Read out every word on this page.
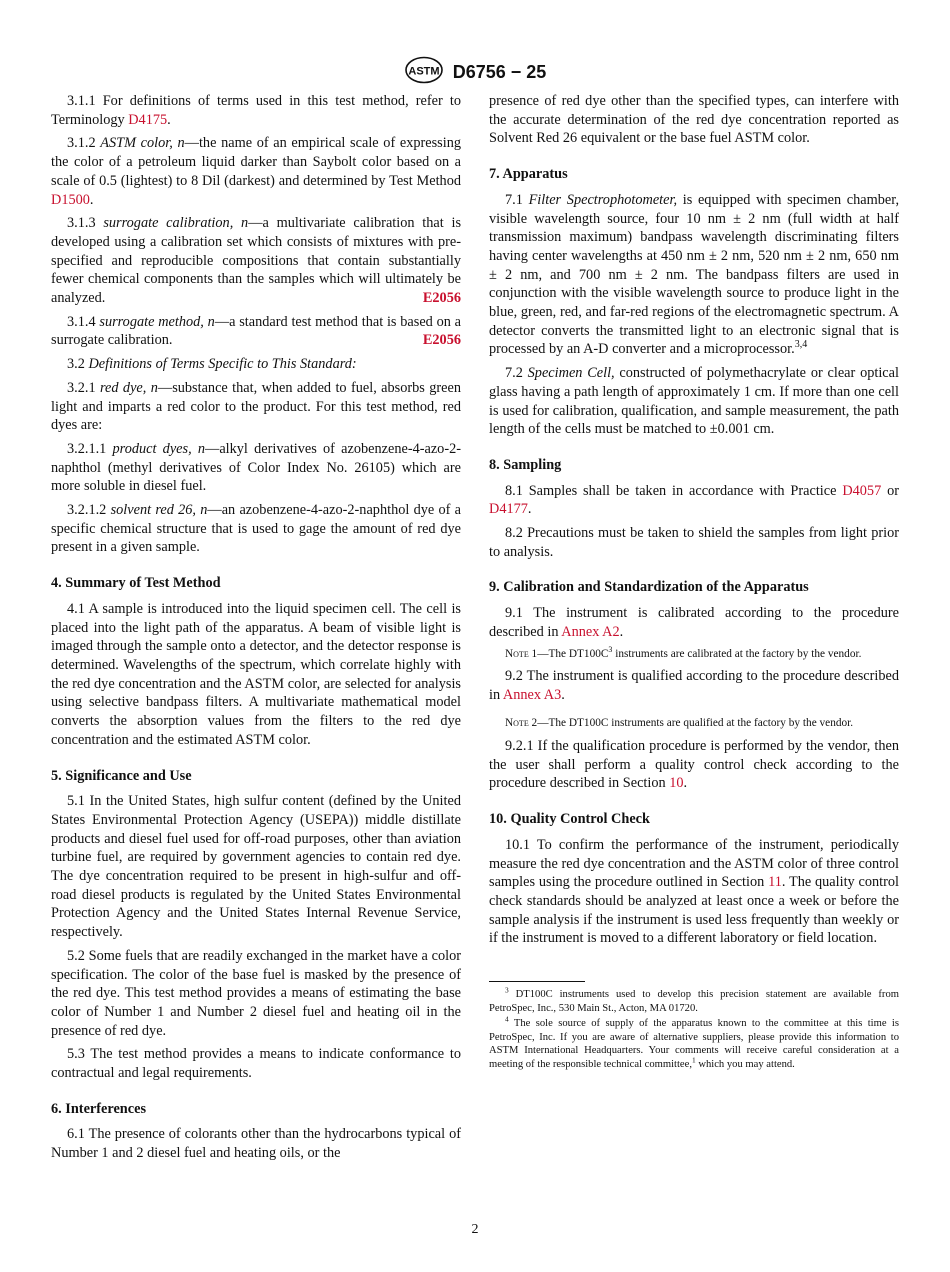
ASTM D6756 − 25

3.1.1 For definitions of terms used in this test method, refer to Terminology D4175.

3.1.2 ASTM color, n—the name of an empirical scale of expressing the color of a petroleum liquid darker than Saybolt color based on a scale of 0.5 (lightest) to 8 Dil (darkest) and determined by Test Method D1500.

3.1.3 surrogate calibration, n—a multivariate calibration that is developed using a calibration set which consists of mixtures with pre-specified and reproducible compositions that contain substantially fewer chemical components than the samples which will ultimately be analyzed.	E2056

3.1.4 surrogate method, n—a standard test method that is based on a surrogate calibration.	E2056

3.2 Definitions of Terms Specific to This Standard:

3.2.1 red dye, n—substance that, when added to fuel, absorbs green light and imparts a red color to the product. For this test method, red dyes are:

3.2.1.1 product dyes, n—alkyl derivatives of azobenzene-4-azo-2-naphthol (methyl derivatives of Color Index No. 26105) which are more soluble in diesel fuel.

3.2.1.2 solvent red 26, n—an azobenzene-4-azo-2-naphthol dye of a specific chemical structure that is used to gage the amount of red dye present in a given sample.

4. Summary of Test Method

4.1 A sample is introduced into the liquid specimen cell. The cell is placed into the light path of the apparatus. A beam of visible light is imaged through the sample onto a detector, and the detector response is determined. Wavelengths of the spectrum, which correlate highly with the red dye concentration and the ASTM color, are selected for analysis using selective bandpass filters. A multivariate mathematical model converts the absorption values from the filters to the red dye concentration and the estimated ASTM color.

5. Significance and Use

5.1 In the United States, high sulfur content (defined by the United States Environmental Protection Agency (USEPA)) middle distillate products and diesel fuel used for off-road purposes, other than aviation turbine fuel, are required by government agencies to contain red dye. The dye concentration required to be present in high-sulfur and off-road diesel products is regulated by the United States Environmental Protection Agency and the United States Internal Revenue Service, respectively.

5.2 Some fuels that are readily exchanged in the market have a color specification. The color of the base fuel is masked by the presence of the red dye. This test method provides a means of estimating the base color of Number 1 and Number 2 diesel fuel and heating oil in the presence of red dye.

5.3 The test method provides a means to indicate conformance to contractual and legal requirements.

6. Interferences

6.1 The presence of colorants other than the hydrocarbons typical of Number 1 and 2 diesel fuel and heating oils, or the

presence of red dye other than the specified types, can interfere with the accurate determination of the red dye concentration reported as Solvent Red 26 equivalent or the base fuel ASTM color.

7. Apparatus

7.1 Filter Spectrophotometer, is equipped with specimen chamber, visible wavelength source, four 10 nm ± 2 nm (full width at half transmission maximum) bandpass wavelength discriminating filters having center wavelengths at 450 nm ± 2 nm, 520 nm ± 2 nm, 650 nm ± 2 nm, and 700 nm ± 2 nm. The bandpass filters are used in conjunction with the visible wavelength source to produce light in the blue, green, red, and far-red regions of the electromagnetic spectrum. A detector converts the transmitted light to an electronic signal that is processed by an A-D converter and a microprocessor.$^{3,4}$

7.2 Specimen Cell, constructed of polymethacrylate or clear optical glass having a path length of approximately 1 cm. If more than one cell is used for calibration, qualification, and sample measurement, the path length of the cells must be matched to ±0.001 cm.

8. Sampling

8.1 Samples shall be taken in accordance with Practice D4057 or D4177.

8.2 Precautions must be taken to shield the samples from light prior to analysis.

9. Calibration and Standardization of the Apparatus

9.1 The instrument is calibrated according to the procedure described in Annex A2.

Note 1—The $DT100C^3$ instruments are calibrated at the factory by the vendor.

9.2 The instrument is qualified according to the procedure described in Annex A3.

Note 2—The DT100C instruments are qualified at the factory by the vendor.

9.2.1 If the qualification procedure is performed by the vendor, then the user shall perform a quality control check according to the procedure described in Section 10.

10. Quality Control Check

10.1 To confirm the performance of the instrument, periodically measure the red dye concentration and the ASTM color of three control samples using the procedure outlined in Section 11. The quality control check standards should be analyzed at least once a week or before the sample analysis if the instrument is used less frequently than weekly or if the instrument is moved to a different laboratory or field location.

$^3$ DT100C instruments used to develop this precision statement are available from PetroSpec, Inc., 530 Main St., Acton, MA 01720.
$^4$ The sole source of supply of the apparatus known to the committee at this time is PetroSpec, Inc. If you are aware of alternative suppliers, please provide this information to ASTM International Headquarters. Your comments will receive careful consideration at a meeting of the responsible technical committee,$^1$ which you may attend.
2
